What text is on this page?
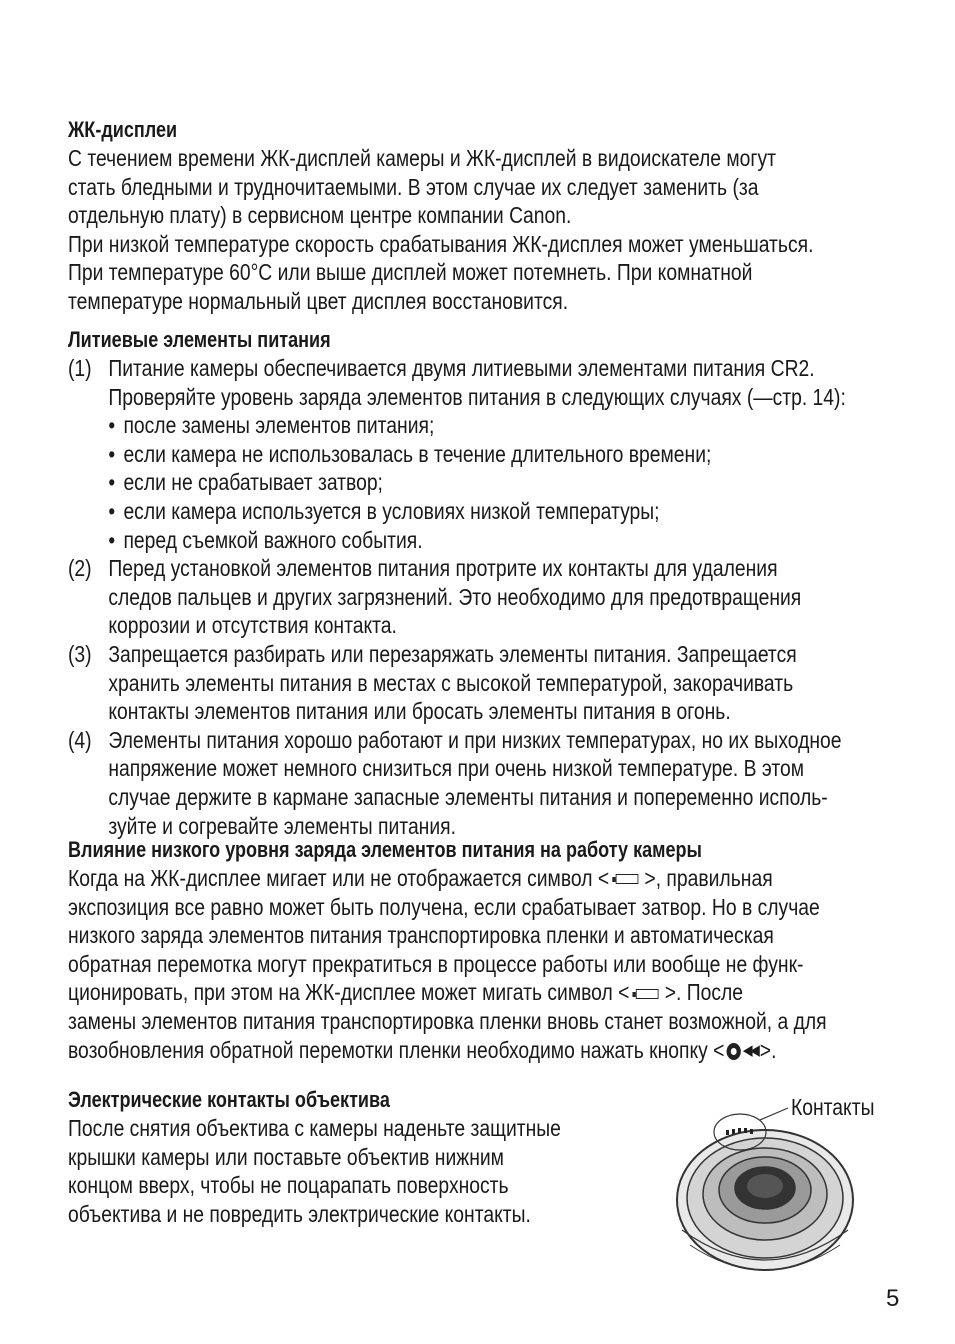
ЖК-дисплеи
С течением времени ЖК-дисплей камеры и ЖК-дисплей в видоискателе могут
стать бледными и трудночитаемыми. В этом случае их следует заменить (за
отдельную плату) в сервисном центре компании Canon.
При низкой температуре скорость срабатывания ЖК-дисплея может уменьшаться.
При температуре 60°С или выше дисплей может потемнеть. При комнатной
температуре нормальный цвет дисплея восстановится.
Литиевые элементы питания
(1) Питание камеры обеспечивается двумя литиевыми элементами питания CR2.
Проверяйте уровень заряда элементов питания в следующих случаях (—стр. 14):
• после замены элементов питания;
• если камера не использовалась в течение длительного времени;
• если не срабатывает затвор;
• если камера используется в условиях низкой температуры;
• перед съемкой важного события.
(2) Перед установкой элементов питания протрите их контакты для удаления
следов пальцев и других загрязнений. Это необходимо для предотвращения
коррозии и отсутствия контакта.
(3) Запрещается разбирать или перезаряжать элементы питания. Запрещается
хранить элементы питания в местах с высокой температурой, закорачивать
контакты элементов питания или бросать элементы питания в огонь.
(4) Элементы питания хорошо работают и при низких температурах, но их выходное
напряжение может немного снизиться при очень низкой температуре. В этом
случае держите в кармане запасные элементы питания и попеременно исполь-
зуйте и согревайте элементы питания.
Влияние низкого уровня заряда элементов питания на работу камеры
Когда на ЖК-дисплее мигает или не отображается символ < >, правильная
экспозиция все равно может быть получена, если срабатывает затвор. Но в случае
низкого заряда элементов питания транспортировка пленки и автоматическая
обратная перемотка могут прекратиться в процессе работы или вообще не функ-
ционировать, при этом на ЖК-дисплее может мигать символ < >. После
замены элементов питания транспортировка пленки вновь станет возможной, а для
возобновления обратной перемотки пленки необходимо нажать кнопку < ◀◀ >.
Электрические контакты объектива
После снятия объектива с камеры наденьте защитные
крышки камеры или поставьте объектив нижним
концом вверх, чтобы не поцарапать поверхность
объектива и не повредить электрические контакты.
Контакты
5
